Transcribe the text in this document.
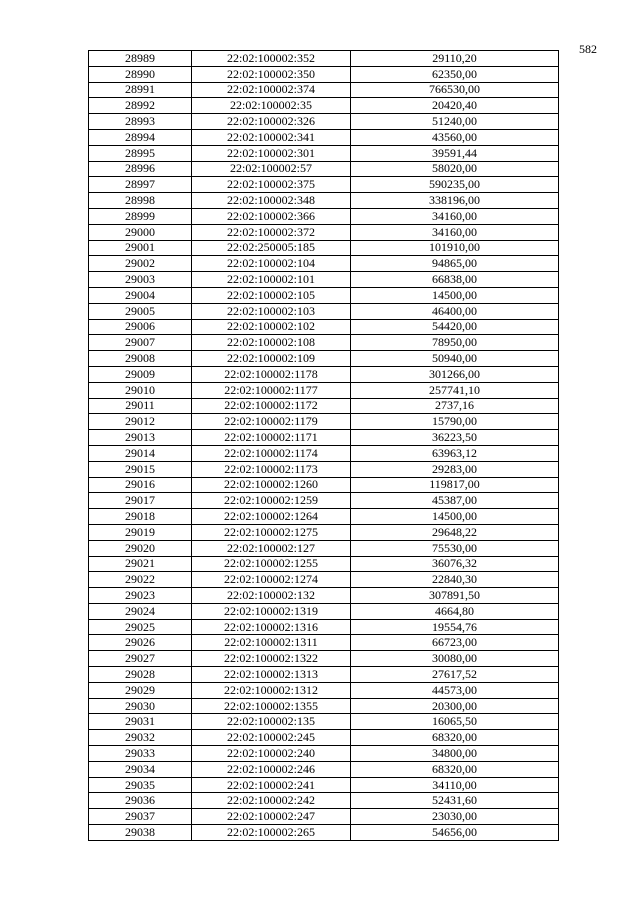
582
28989	22:02:100002:352	29110,20
28990	22:02:100002:350	62350,00
28991	22:02:100002:374	766530,00
28992	22:02:100002:35	20420,40
28993	22:02:100002:326	51240,00
28994	22:02:100002:341	43560,00
28995	22:02:100002:301	39591,44
28996	22:02:100002:57	58020,00
28997	22:02:100002:375	590235,00
28998	22:02:100002:348	338196,00
28999	22:02:100002:366	34160,00
29000	22:02:100002:372	34160,00
29001	22:02:250005:185	101910,00
29002	22:02:100002:104	94865,00
29003	22:02:100002:101	66838,00
29004	22:02:100002:105	14500,00
29005	22:02:100002:103	46400,00
29006	22:02:100002:102	54420,00
29007	22:02:100002:108	78950,00
29008	22:02:100002:109	50940,00
29009	22:02:100002:1178	301266,00
29010	22:02:100002:1177	257741,10
29011	22:02:100002:1172	2737,16
29012	22:02:100002:1179	15790,00
29013	22:02:100002:1171	36223,50
29014	22:02:100002:1174	63963,12
29015	22:02:100002:1173	29283,00
29016	22:02:100002:1260	119817,00
29017	22:02:100002:1259	45387,00
29018	22:02:100002:1264	14500,00
29019	22:02:100002:1275	29648,22
29020	22:02:100002:127	75530,00
29021	22:02:100002:1255	36076,32
29022	22:02:100002:1274	22840,30
29023	22:02:100002:132	307891,50
29024	22:02:100002:1319	4664,80
29025	22:02:100002:1316	19554,76
29026	22:02:100002:1311	66723,00
29027	22:02:100002:1322	30080,00
29028	22:02:100002:1313	27617,52
29029	22:02:100002:1312	44573,00
29030	22:02:100002:1355	20300,00
29031	22:02:100002:135	16065,50
29032	22:02:100002:245	68320,00
29033	22:02:100002:240	34800,00
29034	22:02:100002:246	68320,00
29035	22:02:100002:241	34110,00
29036	22:02:100002:242	52431,60
29037	22:02:100002:247	23030,00
29038	22:02:100002:265	54656,00
